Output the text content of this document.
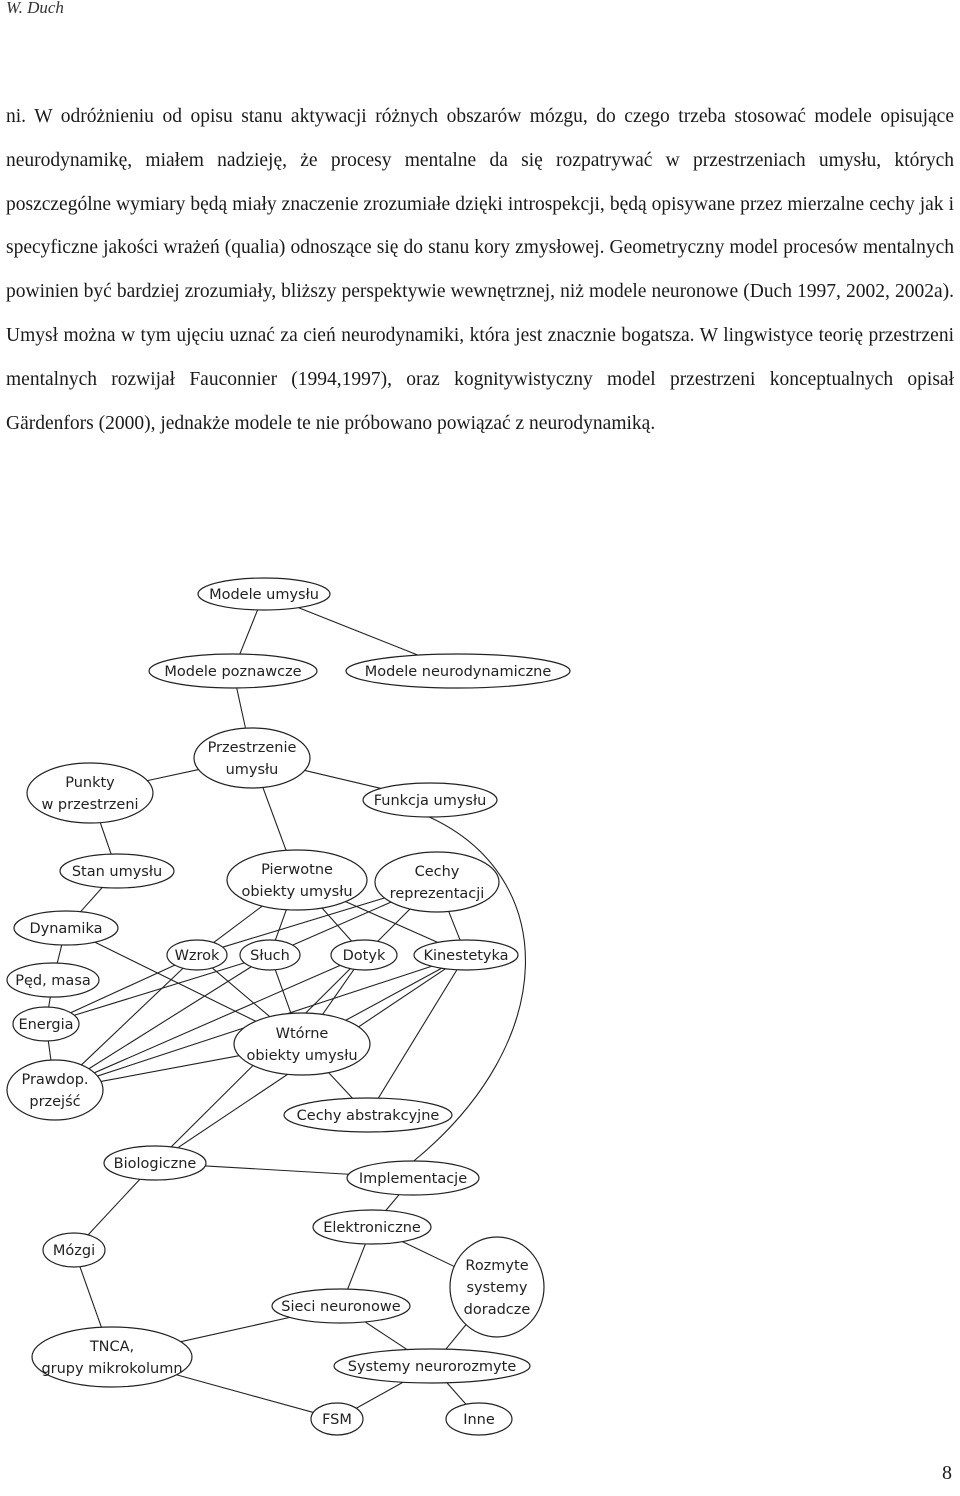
W. Duch

ni. W odróżnieniu od opisu stanu aktywacji różnych obszarów mózgu, do czego trzeba stosować modele opisujące neurodynamikę, miałem nadzieję, że procesy mentalne da się rozpatrywać w przestrzeniach umysłu, których poszczególne wymiary będą miały znaczenie zrozumiałe dzięki introspekcji, będą opisywane przez mierzalne cechy jak i specyficzne jakości wrażeń (qualia) odnoszące się do stanu kory zmysłowej. Geometryczny model procesów mentalnych powinien być bardziej zrozumiały, bliższy perspektywie wewnętrznej, niż modele neuronowe (Duch 1997, 2002, 2002a). Umysł można w tym ujęciu uznać za cień neurodynamiki, która jest znacznie bogatsza. W lingwistyce teorię przestrzeni mentalnych rozwijał Fauconnier (1994,1997), oraz kognitywistyczny model przestrzeni konceptualnych opisał Gärdenfors (2000), jednakże modele te nie próbowano powiązać z neurodynamiką.

Modele umysłu
Modele poznawcze	Modele neurodynamiczne
Przestrzenie
umysłu
Punkty
w przestrzeni	Funkcja umysłu
Stan umysłu	Pierwotne
obiekty umysłu
Cechy
reprezentacji
Dynamika
Wzrok Słuch	Dotyk	Kinestetyka
Pęd, masa
Energia
Wtórne
obiekty umysłu
Prawdop.
przejść
Cechy abstrakcyjne
Biologiczne
Implementacje
Elektroniczne
Mózgi
Rozmyte
systemy
doradcze
Sieci neuronowe
TNCA,
grupy mikrokolumn	Systemy neurorozmyte
FSM	Inne
8
